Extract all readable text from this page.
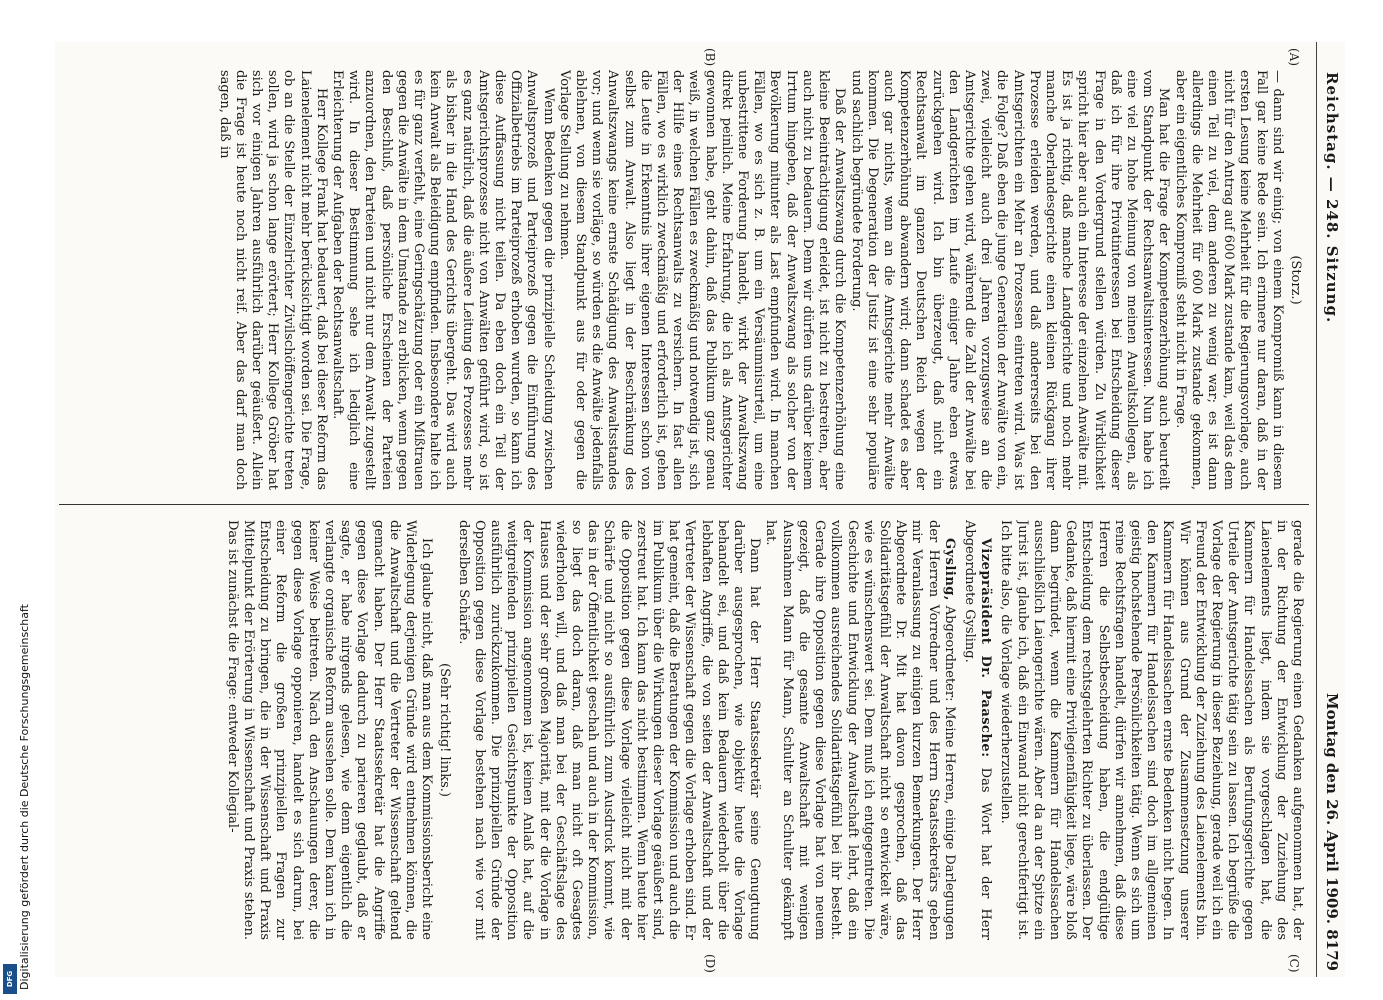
Reichstag. — 248. Sitzung.
Montag den 26. April 1909. 8179
(A)
(B)
(C)
(D)

(Storz.)

— dann sind wir einig; von einem Kompromiß kann in diesem Fall gar keine Rede sein. Ich erinnere nur daran, daß in der ersten Lesung keine Mehrheit für die Regierungsvorlage, auch nicht für den Antrag auf 600 Mark zustande kam, weil das dem einen Teil zu viel, dem anderen zu wenig war; es ist dann allerdings die Mehrheit für 600 Mark zustande gekommen, aber ein eigentliches Kompromiß steht nicht in Frage.

Man hat die Frage der Kompetenzerhöhung auch beurteilt vom Standpunkt der Rechtsanwaltsinteressen. Nun habe ich eine viel zu hohe Meinung von meinen Anwaltskollegen, als daß ich für ihre Privatinteressen bei Entscheidung dieser Frage in den Vordergrund stellen würden. Zu Wirklichkeit spricht hier aber auch ein Interesse der einzelnen Anwälte mit. Es ist ja richtig, daß manche Landgerichte und noch mehr manche Oberlandesgerichte einen kleinen Rückgang ihrer Prozesse erleiden werden, und daß andererseits bei den Amtsgerichten ein Mehr an Prozessen eintreten wird. Was ist die Folge? Daß eben die junge Generation der Anwälte von ein, zwei, vielleicht auch drei Jahren vorzugsweise an die Amtsgerichte gehen wird, während die Zahl der Anwälte bei den Landgerichten im Laufe einiger Jahre eben etwas zurückgehen wird. Ich bin überzeugt, daß nicht ein Rechtsanwalt im ganzen Deutschen Reich wegen der Kompetenzerhöhung abwandern wird; dann schadet es aber auch gar nichts, wenn an die Amtsgerichte mehr Anwälte kommen. Die Degeneration der Justiz ist eine sehr populäre und sachlich begründete Forderung.

Daß der Anwaltszwang durch die Kompetenzerhöhung eine kleine Beeinträchtigung erleidet, ist nicht zu bestreiten, aber auch nicht zu bedauern. Denn wir dürfen uns darüber keinem Irrtum hingeben, daß der Anwaltszwang als solcher von der Bevölkerung mitunter als Last empfunden wird. In manchen Fällen, wo es sich z. B. um ein Versäumnisurteil, um eine unbestrittene Forderung handelt, wirkt der Anwaltszwang direkt peinlich. Meine Erfahrung, die ich als Amtsgerichter gewonnen habe, geht dahin, daß das Publikum ganz genau weiß, in welchen Fällen es zweckmäßig und notwendig ist, sich der Hilfe eines Rechtsanwalts zu versichern. In fast allen Fällen, wo es wirklich zweckmäßig und erforderlich ist, gehen die Leute in Erkenntnis ihrer eigenen Interessen schon von selbst zum Anwalt. Also liegt in der Beschränkung des Anwaltszwangs keine ernste Schädigung des Anwaltsstandes vor; und wenn sie vorläge, so würden es die Anwälte jedenfalls ablehnen, von diesem Standpunkt aus für oder gegen die Vorlage Stellung zu nehmen.

Wenn Bedenken gegen die prinzipielle Scheidung zwischen Anwaltsprozeß und Parteiprozeß gegen die Einführung des Offizialbetriebs im Parteiprozeß erhoben wurden, so kann ich diese Auffassung nicht teilen. Da eben doch ein Teil der Amtsgerichtsprozesse nicht von Anwälten geführt wird, so ist es ganz natürlich, daß die äußere Leitung des Prozesses mehr als bisher in die Hand des Gerichts übergeht. Das wird auch kein Anwalt als Beleidigung empfinden. Insbesondere halte ich es für ganz verfehlt, eine Geringschätzung oder ein Mißtrauen gegen die Anwälte in dem Umstande zu erblicken, wenn gegen den Beschluß, daß persönliche Erscheinen der Parteien anzuordnen, den Parteien und nicht nur dem Anwalt zugestellt wird. In dieser Bestimmung sehe ich lediglich eine Erleichterung der Aufgaben der Rechtsanwaltschaft.

Herr Kollege Frank hat bedauert, daß bei dieser Reform das Laienelement nicht mehr berücksichtigt worden sei. Die Frage, ob an die Stelle der Einzelrichter Zivilschöffengerichte treten sollen, wird ja schon lange erörtert; Herr Kollege Gröber hat sich vor einigen Jahren ausführlich darüber geäußert. Allein die Frage ist heute noch nicht reif. Aber das darf man doch sagen, daß in

gerade die Regierung einen Gedanken aufgenommen hat, der in der Richtung der Entwicklung der Zuziehung des Laienelements liegt, indem sie vorgeschlagen hat, die Kammern für Handelssachen als Berufungsgerichte gegen Urteile der Amtsgerichte tätig sein zu lassen. Ich begrüße die Vorlage der Regierung in dieser Beziehung, gerade weil ich ein Freund der Entwicklung der Zuziehung des Laienelements bin. Wir können aus Grund der Zusammensetzung unserer Kammern für Handelssachen ernste Bedenken nicht hegen. In den Kammern für Handelssachen sind doch im allgemeinen geistig hochstehende Persönlichkeiten tätig. Wenn es sich um reine Rechtsfragen handelt, dürfen wir annehmen, daß diese Herren die Selbstbescheidung haben, die endgültige Entscheidung dem rechtsgelehrten Richter zu überlassen. Der Gedanke, daß hiermit eine Privilegienfähigkeit liege, wäre bloß dann begründet, wenn die Kammern für Handelssachen ausschließlich Laiengerichte wären. Aber da an der Spitze ein Jurist ist, glaube ich, daß ein Einwand nicht gerechtfertigt ist. Ich bitte also, die Vorlage wiederherzustellen.

Vizepräsident Dr. Paasche: Das Wort hat der Herr Abgeordnete Gysling.

Gysling, Abgeordneter: Meine Herren, einige Darlegungen der Herren Vorredner und des Herrn Staatssekretärs geben mir Veranlassung zu einigen kurzen Bemerkungen. Der Herr Abgeordnete Dr. Mit hat davon gesprochen, daß das Solidaritätsgefühl der Anwaltschaft nicht so entwickelt wäre, wie es wünschenswert sei. Dem muß ich entgegentreten. Die Geschichte und Entwicklung der Anwaltschaft lehrt, daß ein vollkommen ausreichendes Solidaritätsgefühl bei ihr besteht. Gerade ihre Opposition gegen diese Vorlage hat von neuem gezeigt, daß die gesamte Anwaltschaft mit wenigen Ausnahmen Mann für Mann, Schulter an Schulter gekämpft hat.

Dann hat der Herr Staatssekretär seine Genugtuung darüber ausgesprochen, wie objektiv heute die Vorlage behandelt sei, und daß kein Bedauern wiederholt über die lebhaften Angriffe, die von seiten der Anwaltschaft und der Vertreter der Wissenschaft gegen die Vorlage erhoben sind. Er hat gemeint, daß die Beratungen der Kommission und auch die im Publikum über die Wirkungen dieser Vorlage geäußert sind, zerstreut hat. Ich kann das nicht bestimmen. Wenn heute hier die Opposition gegen diese Vorlage vielleicht nicht mit der Schärfe und nicht so ausführlich zum Ausdruck kommt, wie das in der Öffentlichkeit geschah und auch in der Kommission, so liegt das doch daran, daß man nicht oft Gesagtes wiederholen will, und daß man bei der Geschäftslage des Hauses und der sehr großen Majorität, mit der die Vorlage in der Kommission angenommen ist, keinen Anlaß hat, auf die weitgreifenden prinzipiellen Gesichtspunkte der Opposition ausführlich zurückzukommen. Die prinzipiellen Gründe der Opposition gegen diese Vorlage bestehen nach wie vor mit derselben Schärfe.

(Sehr richtig! links.)

Ich glaube nicht, daß man aus dem Kommissionsbericht eine Widerlegung derjenigen Gründe wird entnehmen können, die die Anwaltschaft und die Vertreter der Wissenschaft geltend gemacht haben. Der Herr Staatssekretär hat die Angriffe gegen diese Vorlage dadurch zu parieren geglaubt, daß er sagte, er habe nirgends gelesen, wie denn eigentlich die verlangte organische Reform aussehen solle. Dem kann ich in keiner Weise beitreten. Nach den Anschauungen derer, die gegen diese Vorlage opponieren, handelt es sich darum, bei einer Reform die großen prinzipiellen Fragen zur Entscheidung zu bringen, die in der Wissenschaft und Praxis Mittelpunkt der Erörterung in Wissenschaft und Praxis stehen. Das ist zunächst die Frage: entweder Kollegial-

Digitalisierung gefördert durch die Deutsche Forschungsgemeinschaft
DFG
